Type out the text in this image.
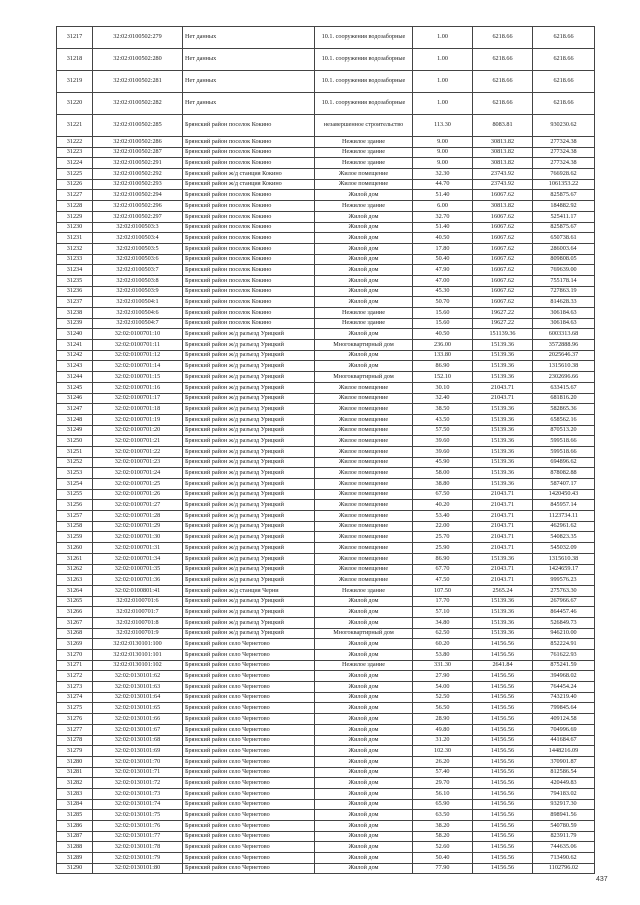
31217	32:02:0100502:279	Нет данных	10.1. сооружения водозаборные	1.00	6218.66	6218.66
31218	32:02:0100502:280	Нет данных	10.1. сооружения водозаборные	1.00	6218.66	6218.66
31219	32:02:0100502:281	Нет данных	10.1. сооружения водозаборные	1.00	6218.66	6218.66
31220	32:02:0100502:282	Нет данных	10.1. сооружения водозаборные	1.00	6218.66	6218.66
31221	32:02:0100502:285	Брянский район поселок Кокино	незавершенное строительство	113.30	8083.81	930230.62
31222	32:02:0100502:286	Брянский район поселок Кокино	Нежилое здание	9.00	30813.82	277324.38
31223	32:02:0100502:287	Брянский район поселок Кокино	Нежилое здание	9.00	30813.82	277324.38
31224	32:02:0100502:291	Брянский район поселок Кокино	Нежилое здание	9.00	30813.82	277324.38
31225	32:02:0100502:292	Брянский район ж/д станция Кокино	Жилое помещение	32.30	23743.92	766928.62
31226	32:02:0100502:293	Брянский район ж/д станция Кокино	Жилое помещение	44.70	23743.92	1061353.22
31227	32:02:0100502:294	Брянский район поселок Кокино	Жилой дом	51.40	16067.62	825875.67
31228	32:02:0100502:296	Брянский район поселок Кокино	Нежилое здание	6.00	30813.82	184882.92
31229	32:02:0100502:297	Брянский район поселок Кокино	Жилой дом	32.70	16067.62	525411.17
31230	32:02:0100503:3	Брянский район поселок Кокино	Жилой дом	51.40	16067.62	825875.67
31231	32:02:0100503:4	Брянский район поселок Кокино	Жилой дом	40.50	16067.62	650738.61
31232	32:02:0100503:5	Брянский район поселок Кокино	Жилой дом	17.80	16067.62	286003.64
31233	32:02:0100503:6	Брянский район поселок Кокино	Жилой дом	50.40	16067.62	809808.05
31234	32:02:0100503:7	Брянский район поселок Кокино	Жилой дом	47.90	16067.62	769639.00
31235	32:02:0100503:8	Брянский район поселок Кокино	Жилой дом	47.00	16067.62	755178.14
31236	32:02:0100503:9	Брянский район поселок Кокино	Жилой дом	45.30	16067.62	727863.19
31237	32:02:0100504:1	Брянский район поселок Кокино	Жилой дом	50.70	16067.62	814628.33
31238	32:02:0100504:6	Брянский район поселок Кокино	Нежилое здание	15.60	19627.22	306184.63
31239	32:02:0100504:7	Брянский район поселок Кокино	Нежилое здание	15.60	19627.22	306184.63
31240	32:02:0100701:10	Брянский район ж/д разъезд Урицкий	Жилой дом	40.50	151139.36	6003313.68
31241	32:02:0100701:11	Брянский район ж/д разъезд Урицкий	Многоквартирный дом	236.00	15139.36	3572888.96
31242	32:02:0100701:12	Брянский район ж/д разъезд Урицкий	Жилой дом	133.80	15139.36	2025646.37
31243	32:02:0100701:14	Брянский район ж/д разъезд Урицкий	Жилой дом	86.90	15139.36	1315610.38
31244	32:02:0100701:15	Брянский район ж/д разъезд Урицкий	Многоквартирный дом	152.10	15139.36	2302696.66
31245	32:02:0100701:16	Брянский район ж/д разъезд Урицкий	Жилое помещение	30.10	21043.71	633415.67
31246	32:02:0100701:17	Брянский район ж/д разъезд Урицкий	Жилое помещение	32.40	21043.71	681816.20
31247	32:02:0100701:18	Брянский район ж/д разъезд Урицкий	Жилое помещение	38.50	15139.36	582865.36
31248	32:02:0100701:19	Брянский район ж/д разъезд Урицкий	Жилое помещение	43.50	15139.36	658562.16
31249	32:02:0100701:20	Брянский район ж/д разъезд Урицкий	Жилое помещение	57.50	15139.36	870513.20
31250	32:02:0100701:21	Брянский район ж/д разъезд Урицкий	Жилое помещение	39.60	15139.36	599518.66
31251	32:02:0100701:22	Брянский район ж/д разъезд Урицкий	Жилое помещение	39.60	15139.36	599518.66
31252	32:02:0100701:23	Брянский район ж/д разъезд Урицкий	Жилое помещение	45.90	15139.36	694896.62
31253	32:02:0100701:24	Брянский район ж/д разъезд Урицкий	Жилое помещение	58.00	15139.36	878082.88
31254	32:02:0100701:25	Брянский район ж/д разъезд Урицкий	Жилое помещение	38.80	15139.36	587407.17
31255	32:02:0100701:26	Брянский район ж/д разъезд Урицкий	Жилое помещение	67.50	21043.71	1420450.43
31256	32:02:0100701:27	Брянский район ж/д разъезд Урицкий	Жилое помещение	40.20	21043.71	845957.14
31257	32:02:0100701:28	Брянский район ж/д разъезд Урицкий	Жилое помещение	53.40	21043.71	1123734.11
31258	32:02:0100701:29	Брянский район ж/д разъезд Урицкий	Жилое помещение	22.00	21043.71	462961.62
31259	32:02:0100701:30	Брянский район ж/д разъезд Урицкий	Жилое помещение	25.70	21043.71	540823.35
31260	32:02:0100701:31	Брянский район ж/д разъезд Урицкий	Жилое помещение	25.90	21043.71	545032.09
31261	32:02:0100701:34	Брянский район ж/д разъезд Урицкий	Жилое помещение	86.90	15139.36	1315610.38
31262	32:02:0100701:35	Брянский район ж/д разъезд Урицкий	Жилое помещение	67.70	21043.71	1424659.17
31263	32:02:0100701:36	Брянский район ж/д разъезд Урицкий	Жилое помещение	47.50	21043.71	999576.23
31264	32:02:0100801:41	Брянский район ж/д станция Черни	Нежилое здание	107.50	2565.24	275763.30
31265	32:02:0100701:6	Брянский район ж/д разъезд Урицкий	Жилой дом	17.70	15139.36	267966.67
31266	32:02:0100701:7	Брянский район ж/д разъезд Урицкий	Жилой дом	57.10	15139.36	864457.46
31267	32:02:0100701:8	Брянский район ж/д разъезд Урицкий	Жилой дом	34.80	15139.36	526849.73
31268	32:02:0100701:9	Брянский район ж/д разъезд Урицкий	Многоквартирный дом	62.50	15139.36	946210.00
31269	32:02:0130101:100	Брянский район село Чернетово	Жилой дом	60.20	14156.56	852224.91
31270	32:02:0130101:101	Брянский район село Чернетово	Жилой дом	53.80	14156.56	761622.93
31271	32:02:0130101:102	Брянский район село Чернетово	Нежилое здание	331.30	2641.84	875241.59
31272	32:02:0130101:62	Брянский район село Чернетово	Жилой дом	27.90	14156.56	394968.02
31273	32:02:0130101:63	Брянский район село Чернетово	Жилой дом	54.00	14156.56	764454.24
31274	32:02:0130101:64	Брянский район село Чернетово	Жилой дом	52.50	14156.56	743219.40
31275	32:02:0130101:65	Брянский район село Чернетово	Жилой дом	56.50	14156.56	799845.64
31276	32:02:0130101:66	Брянский район село Чернетово	Жилой дом	28.90	14156.56	409124.58
31277	32:02:0130101:67	Брянский район село Чернетово	Жилой дом	49.80	14156.56	704996.69
31278	32:02:0130101:68	Брянский район село Чернетово	Жилой дом	31.20	14156.56	441684.67
31279	32:02:0130101:69	Брянский район село Чернетово	Жилой дом	102.30	14156.56	1448216.09
31280	32:02:0130101:70	Брянский район село Чернетово	Жилой дом	26.20	14156.56	370901.87
31281	32:02:0130101:71	Брянский район село Чернетово	Жилой дом	57.40	14156.56	812586.54
31282	32:02:0130101:72	Брянский район село Чернетово	Жилой дом	29.70	14156.56	420449.83
31283	32:02:0130101:73	Брянский район село Чернетово	Жилой дом	56.10	14156.56	794183.02
31284	32:02:0130101:74	Брянский район село Чернетово	Жилой дом	65.90	14156.56	932917.30
31285	32:02:0130101:75	Брянский район село Чернетово	Жилой дом	63.50	14156.56	898941.56
31286	32:02:0130101:76	Брянский район село Чернетово	Жилой дом	38.20	14156.56	540780.59
31287	32:02:0130101:77	Брянский район село Чернетово	Жилой дом	58.20	14156.56	823911.79
31288	32:02:0130101:78	Брянский район село Чернетово	Жилой дом	52.60	14156.56	744635.06
31289	32:02:0130101:79	Брянский район село Чернетово	Жилой дом	50.40	14156.56	713490.62
31290	32:02:0130101:80	Брянский район село Чернетово	Жилой дом	77.90	14156.56	1102796.02
437
